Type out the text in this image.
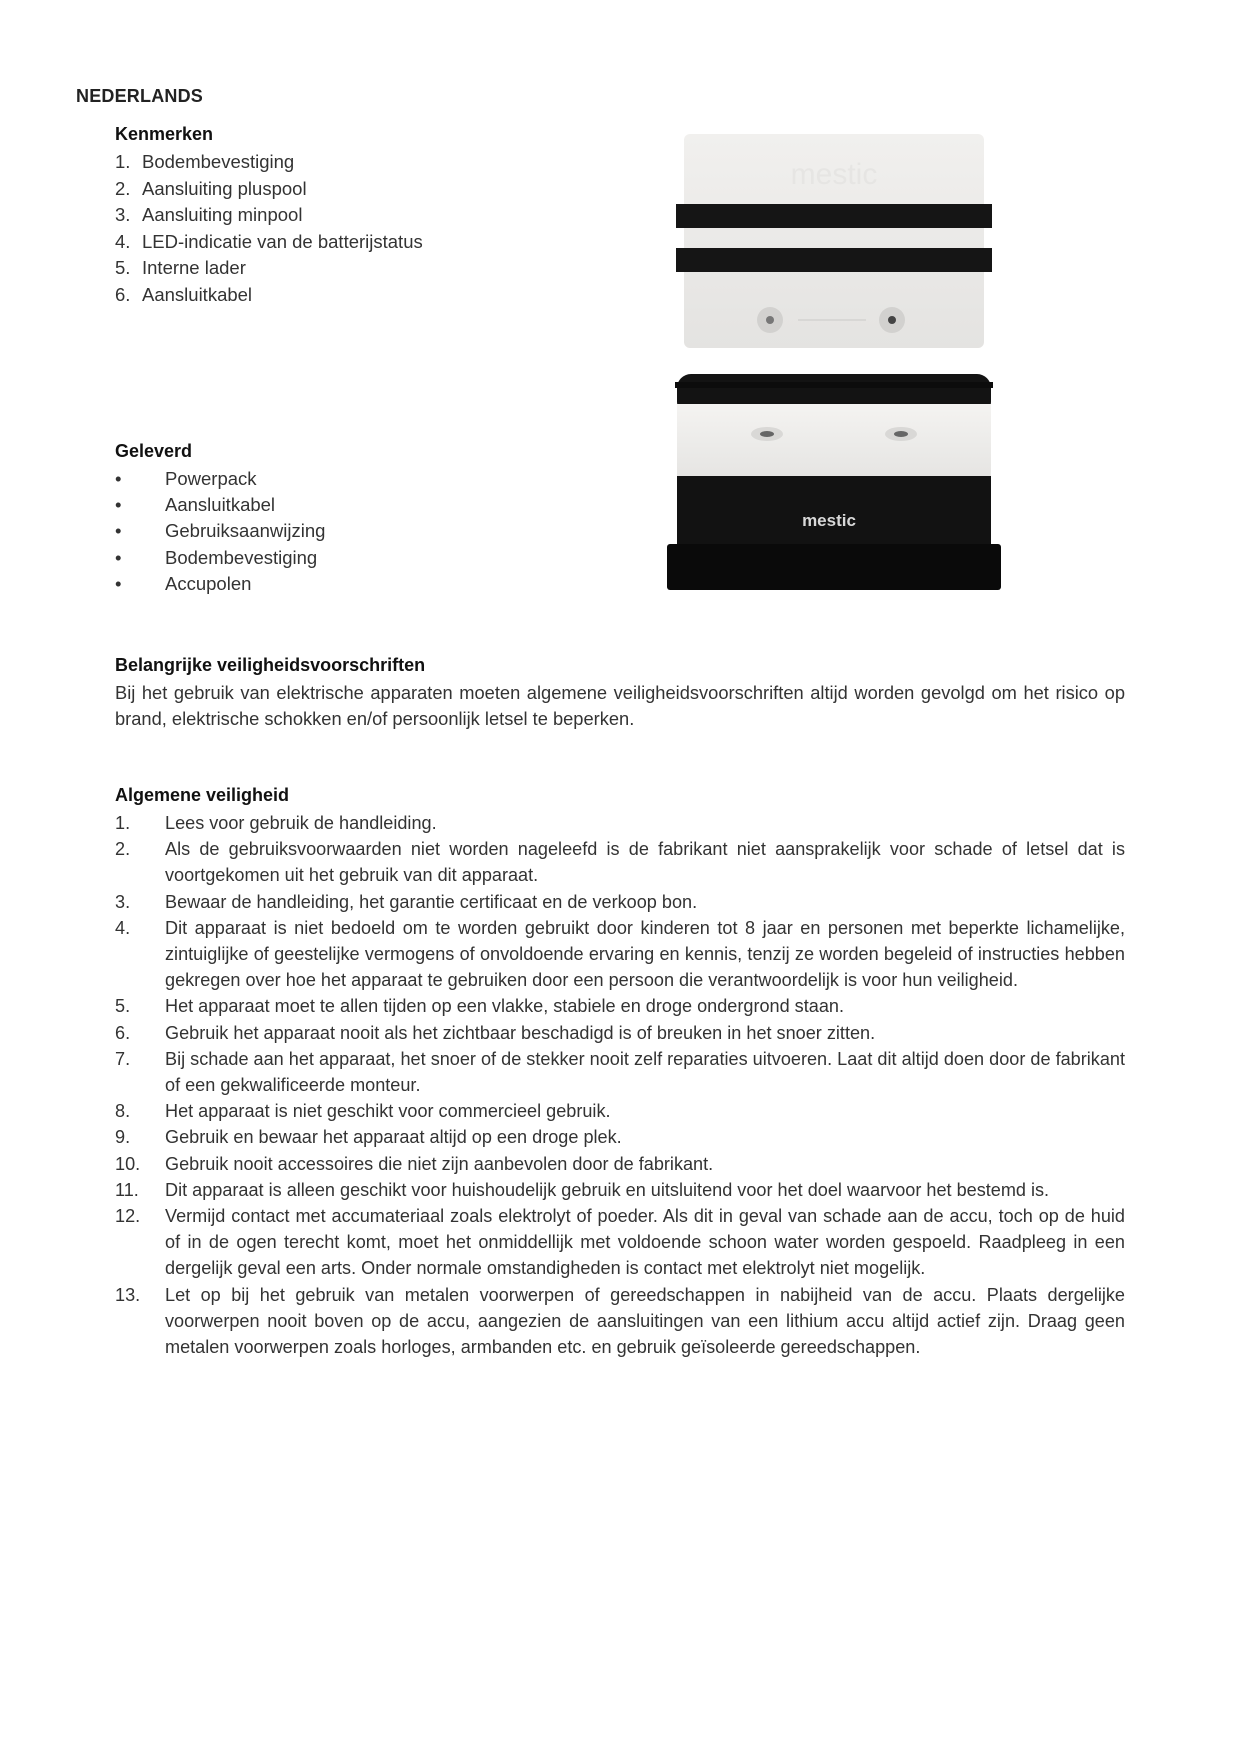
NEDERLANDS
Kenmerken
1. Bodembevestiging
2. Aansluiting pluspool
3. Aansluiting minpool
4. LED-indicatie van de batterijstatus
5. Interne lader
6. Aansluitkabel
mestic
mestic
Geleverd
• Powerpack
• Aansluitkabel
• Gebruiksaanwijzing
• Bodembevestiging
• Accupolen
Belangrijke veiligheidsvoorschriften

Bij het gebruik van elektrische apparaten moeten algemene veiligheidsvoorschriften altijd worden gevolgd om het risico op brand, elektrische schokken en/of persoonlijk letsel te beperken.

Algemene veiligheid
1. Lees voor gebruik de handleiding.
2. Als de gebruiksvoorwaarden niet worden nageleefd is de fabrikant niet aansprakelijk voor schade of letsel dat is voortgekomen uit het gebruik van dit apparaat.
3. Bewaar de handleiding, het garantie certificaat en de verkoop bon.
4. Dit apparaat is niet bedoeld om te worden gebruikt door kinderen tot 8 jaar en personen met beperkte lichamelijke, zintuiglijke of geestelijke vermogens of onvoldoende ervaring en kennis, tenzij ze worden begeleid of instructies hebben gekregen over hoe het apparaat te gebruiken door een persoon die verantwoordelijk is voor hun veiligheid.
5. Het apparaat moet te allen tijden op een vlakke, stabiele en droge ondergrond staan.
6. Gebruik het apparaat nooit als het zichtbaar beschadigd is of breuken in het snoer zitten.
7. Bij schade aan het apparaat, het snoer of de stekker nooit zelf reparaties uitvoeren. Laat dit altijd doen door de fabrikant of een gekwalificeerde monteur.
8. Het apparaat is niet geschikt voor commercieel gebruik.
9. Gebruik en bewaar het apparaat altijd op een droge plek.
10. Gebruik nooit accessoires die niet zijn aanbevolen door de fabrikant.
11. Dit apparaat is alleen geschikt voor huishoudelijk gebruik en uitsluitend voor het doel waarvoor het bestemd is.
12. Vermijd contact met accumateriaal zoals elektrolyt of poeder. Als dit in geval van schade aan de accu, toch op de huid of in de ogen terecht komt, moet het onmiddellijk met voldoende schoon water worden gespoeld. Raadpleeg in een dergelijk geval een arts. Onder normale omstandigheden is contact met elektrolyt niet mogelijk.
13. Let op bij het gebruik van metalen voorwerpen of gereedschappen in nabijheid van de accu. Plaats dergelijke voorwerpen nooit boven op de accu, aangezien de aansluitingen van een lithium accu altijd actief zijn. Draag geen metalen voorwerpen zoals horloges, armbanden etc. en gebruik geïsoleerde gereedschappen.
